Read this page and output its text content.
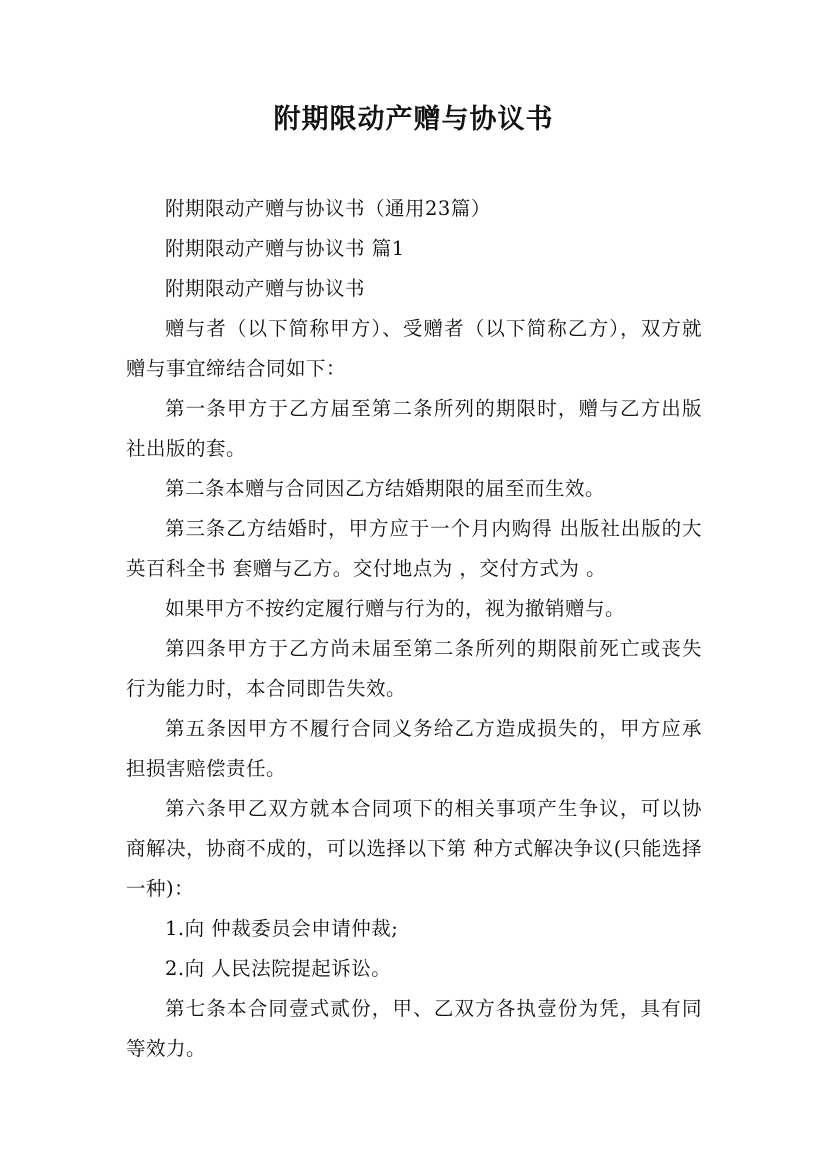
附期限动产赠与协议书

附期限动产赠与协议书（通用23篇）

附期限动产赠与协议书 篇1

附期限动产赠与协议书

赠与者（以下简称甲方）、受赠者（以下简称乙方），双方就赠与事宜缔结合同如下：

第一条甲方于乙方届至第二条所列的期限时，赠与乙方出版社出版的套。

第二条本赠与合同因乙方结婚期限的届至而生效。

第三条乙方结婚时，甲方应于一个月内购得 出版社出版的大英百科全书 套赠与乙方。交付地点为 ，交付方式为 。

如果甲方不按约定履行赠与行为的，视为撤销赠与。

第四条甲方于乙方尚未届至第二条所列的期限前死亡或丧失行为能力时，本合同即告失效。

第五条因甲方不履行合同义务给乙方造成损失的，甲方应承担损害赔偿责任。

第六条甲乙双方就本合同项下的相关事项产生争议，可以协商解决，协商不成的，可以选择以下第 种方式解决争议(只能选择一种)：

1.向 仲裁委员会申请仲裁;

2.向 人民法院提起诉讼。

第七条本合同壹式贰份，甲、乙双方各执壹份为凭，具有同等效力。
